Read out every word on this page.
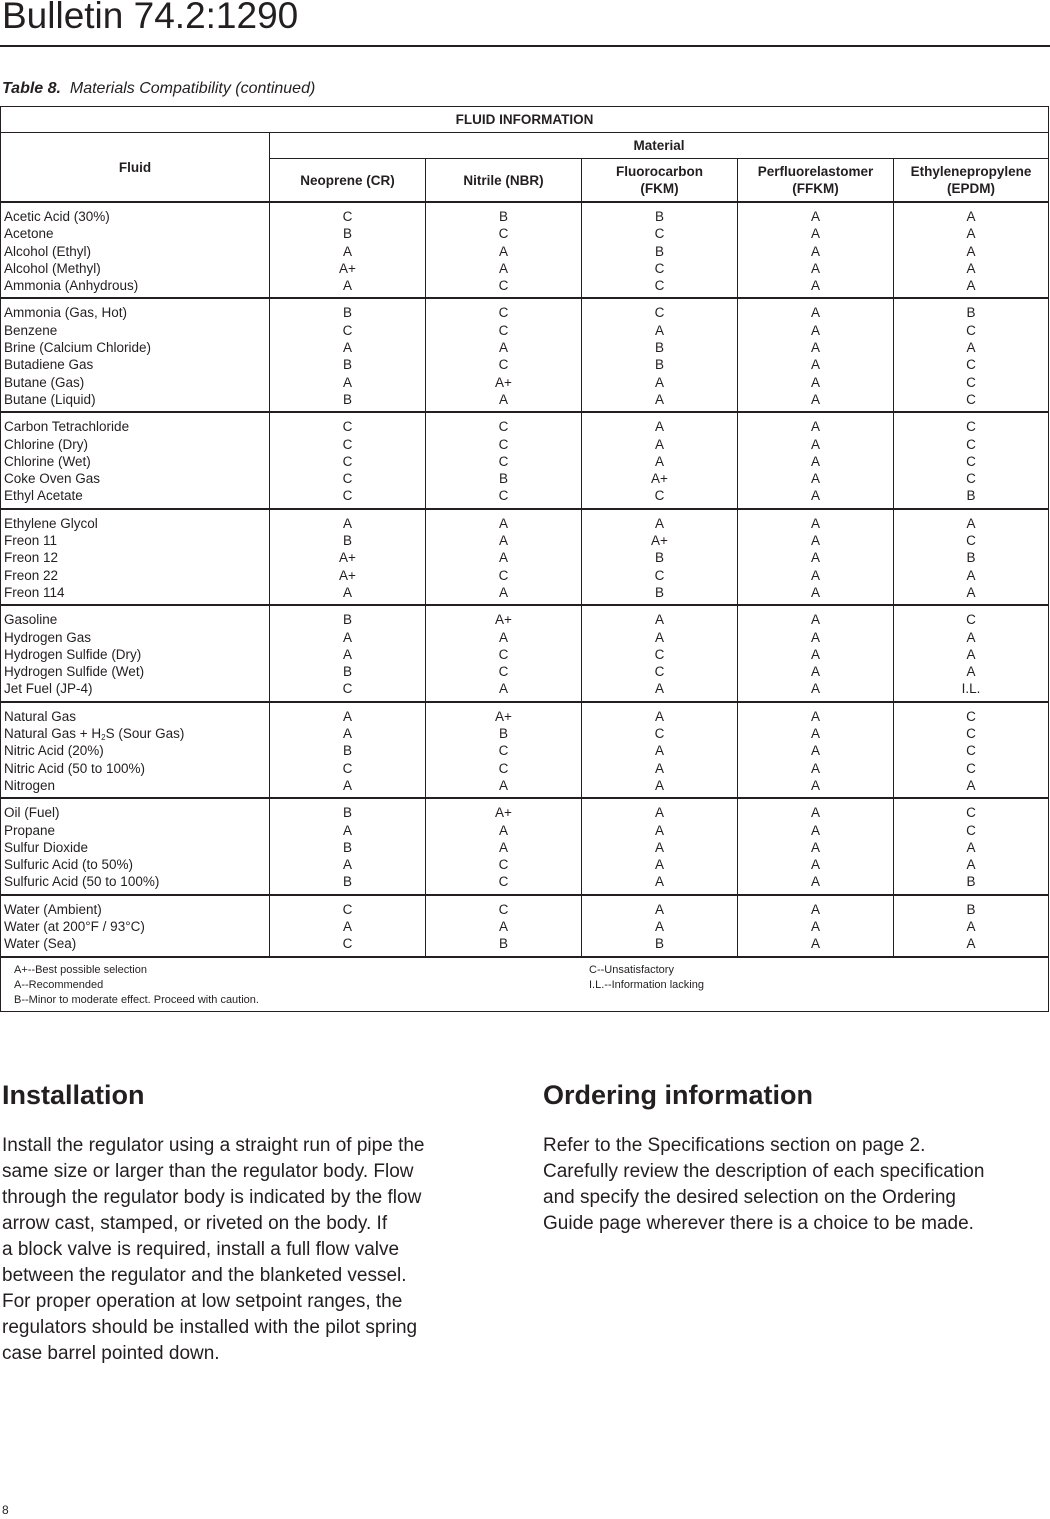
Bulletin 74.2:1290
Table 8. Materials Compatibility (continued)
FLUID INFORMATION
Fluid
Material
Neoprene (CR)	Nitrile (NBR)
Fluorocarbon
(FKM)
Perfluorelastomer
(FFKM)
Ethylenepropylene
(EPDM)
Acetic Acid (30%)
Acetone
Alcohol (Ethyl)
Alcohol (Methyl)
Ammonia (Anhydrous)
C
B
A
A+
A
B
C
A
A
C
B
C
B
C
C
A
A
A
A
A
A
A
A
A
A
Ammonia (Gas, Hot)
Benzene
Brine (Calcium Chloride)
Butadiene Gas
Butane (Gas)
Butane (Liquid)
B
C
A
B
A
B
C
C
A
C
A+
A
C
A
B
B
A
A
A
A
A
A
A
A
B
C
A
C
C
C
Carbon Tetrachloride
Chlorine (Dry)
Chlorine (Wet)
Coke Oven Gas
Ethyl Acetate
C
C
C
C
C
C
C
C
B
C
A
A
A
A+
C
A
A
A
A
A
C
C
C
C
B
Ethylene Glycol
Freon 11
Freon 12
Freon 22
Freon 114
A
B
A+
A+
A
A
A
A
C
A
A
A+
B
C
B
A
A
A
A
A
A
C
B
A
A
Gasoline
Hydrogen Gas
Hydrogen Sulfide (Dry)
Hydrogen Sulfide (Wet)
Jet Fuel (JP-4)
B
A
A
B
C
A+
A
C
C
A
A
A
C
C
A
A
A
A
A
A
C
A
A
A
I.L.
Natural Gas
Natural Gas + $H_2S$ (Sour Gas)
Nitric Acid (20%)
Nitric Acid (50 to 100%)
Nitrogen
A
A
B
C
A
A+
B
C
C
A
A
C
A
A
A
A
A
A
A
A
C
C
C
C
A
Oil (Fuel)
Propane
Sulfur Dioxide
Sulfuric Acid (to 50%)
Sulfuric Acid (50 to 100%)
B
A
B
A
B
A+
A
A
C
C
A
A
A
A
A
A
A
A
A
A
C
C
A
A
B
Water (Ambient)
Water (at 200°F / 93°C)
Water (Sea)
C
A
C
C
A
B
A
A
B
A
A
A
B
A
A
A+--Best possible selection
A--Recommended
B--Minor to moderate effect. Proceed with caution.
C--Unsatisfactory
I.L.--Information lacking
Installation
Install the regulator using a straight run of pipe the
same size or larger than the regulator body. Flow
through the regulator body is indicated by the flow
arrow cast, stamped, or riveted on the body. If
a block valve is required, install a full flow valve
between the regulator and the blanketed vessel.
For proper operation at low setpoint ranges, the
regulators should be installed with the pilot spring
case barrel pointed down.
Ordering information
Refer to the Specifications section on page 2.
Carefully review the description of each specification
and specify the desired selection on the Ordering
Guide page wherever there is a choice to be made.
8
